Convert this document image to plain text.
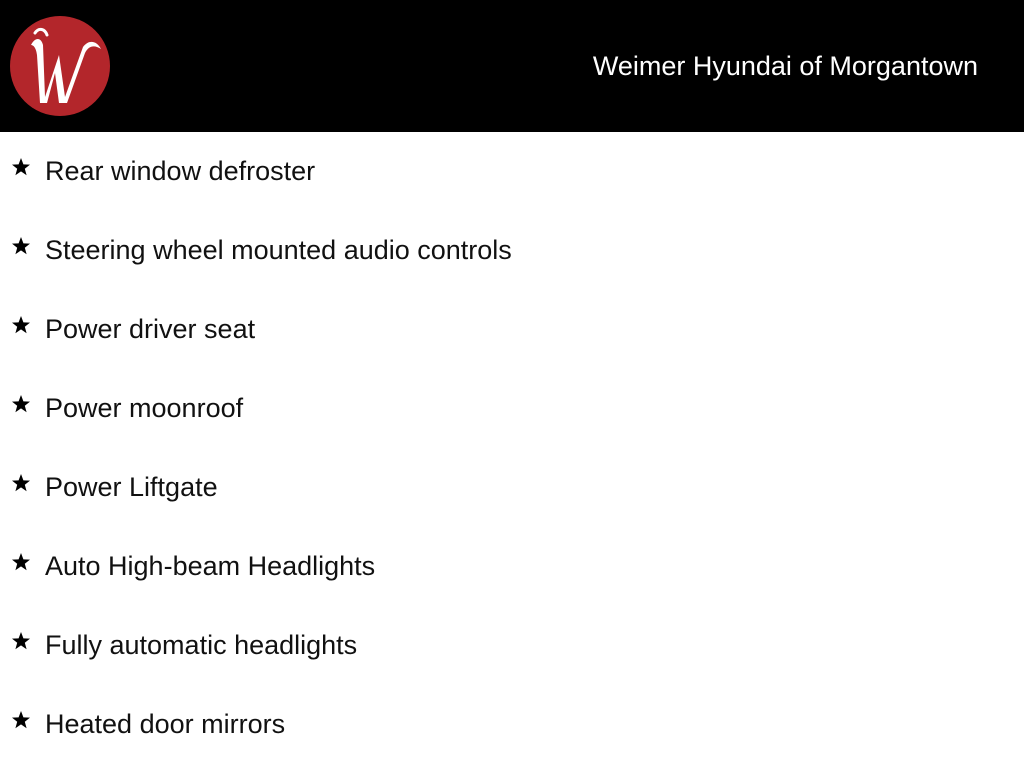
Weimer Hyundai of Morgantown
Rear window defroster
Steering wheel mounted audio controls
Power driver seat
Power moonroof
Power Liftgate
Auto High-beam Headlights
Fully automatic headlights
Heated door mirrors
